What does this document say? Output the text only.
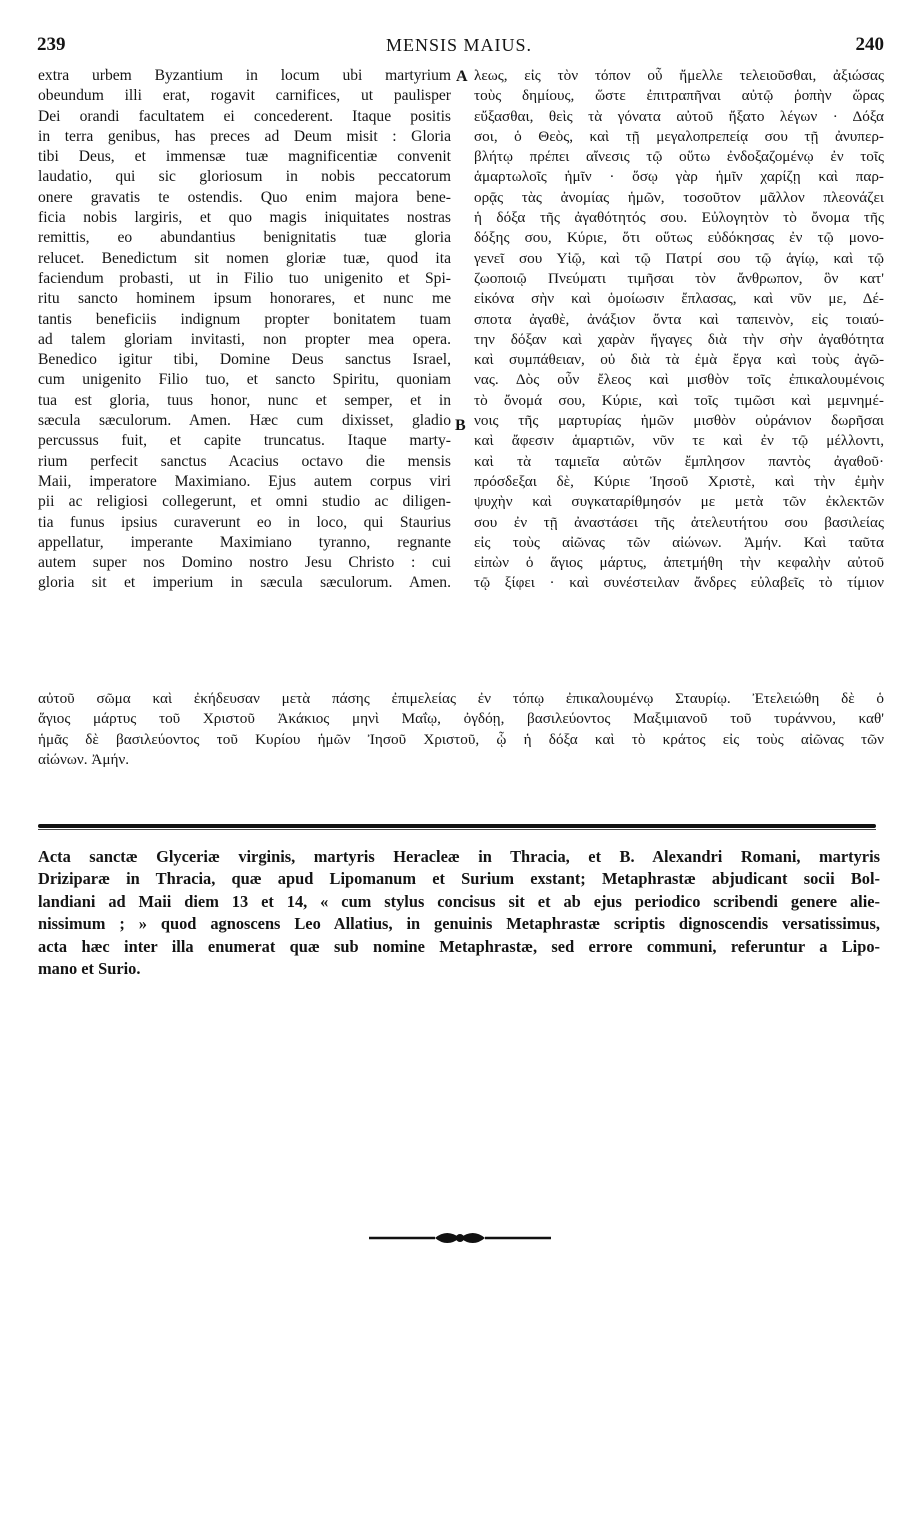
239	MENSIS MAIUS.	240
A
B
extra urbem Byzantium in locum ubi martyrium
obeundum illi erat, rogavit carnifices, ut paulisper
Dei orandi facultatem ei concederent. Itaque positis
in terra genibus, has preces ad Deum misit : Gloria
tibi Deus, et immensæ tuæ magnificentiæ convenit
laudatio, qui sic gloriosum in nobis peccatorum
onere gravatis te ostendis. Quo enim majora bene-
ficia nobis largiris, et quo magis iniquitates nostras
remittis, eo abundantius benignitatis tuæ gloria
relucet. Benedictum sit nomen gloriæ tuæ, quod ita
faciendum probasti, ut in Filio tuo unigenito et Spi-
ritu sancto hominem ipsum honorares, et nunc me
tantis beneficiis indignum propter bonitatem tuam
ad talem gloriam invitasti, non propter mea opera.
Benedico igitur tibi, Domine Deus sanctus Israel,
cum unigenito Filio tuo, et sancto Spiritu, quoniam
tua est gloria, tuus honor, nunc et semper, et in
sæcula sæculorum. Amen. Hæc cum dixisset, gladio
percussus fuit, et capite truncatus. Itaque marty-
rium perfecit sanctus Acacius octavo die mensis
Maii, imperatore Maximiano. Ejus autem corpus viri
pii ac religiosi collegerunt, et omni studio ac diligen-
tia funus ipsius curaverunt eo in loco, qui Staurius
appellatur, imperante Maximiano tyranno, regnante
autem super nos Domino nostro Jesu Christo : cui
gloria sit et imperium in sæcula sæculorum. Amen.
λεως, εἰς τὸν τόπον οὗ ἤμελλε τελειοῦσθαι, ἀξιώσας
τοὺς δημίους, ὥστε ἐπιτραπῆναι αὐτῷ ῥοπὴν ὥρας
εὔξασθαι, θεὶς τὰ γόνατα αὐτοῦ ἤξατο λέγων · Δόξα
σοι, ὁ Θεὸς, καὶ τῇ μεγαλοπρεπείᾳ σου τῇ ἀνυπερ-
βλήτῳ πρέπει αἴνεσις τῷ οὕτω ἐνδοξαζομένῳ ἐν τοῖς
ἁμαρτωλοῖς ἡμῖν · ὅσῳ γὰρ ἡμῖν χαρίζῃ καὶ παρ-
ορᾷς τὰς ἀνομίας ἡμῶν, τοσοῦτον μᾶλλον πλεονάζει
ἡ δόξα τῆς ἀγαθότητός σου. Εὐλογητὸν τὸ ὄνομα τῆς
δόξης σου, Κύριε, ὅτι οὕτως εὐδόκησας ἐν τῷ μονο-
γενεῖ σου Υἱῷ, καὶ τῷ Πατρί σου τῷ ἁγίῳ, καὶ τῷ
ζωοποιῷ Πνεύματι τιμῆσαι τὸν ἄνθρωπον, ὃν κατ'
εἰκόνα σὴν καὶ ὁμοίωσιν ἔπλασας, καὶ νῦν με, Δέ-
σποτα ἀγαθὲ, ἀνάξιον ὄντα καὶ ταπεινὸν, εἰς τοιαύ-
την δόξαν καὶ χαρὰν ἤγαγες διὰ τὴν σὴν ἀγαθότητα
καὶ συμπάθειαν, οὐ διὰ τὰ ἐμὰ ἔργα καὶ τοὺς ἀγῶ-
νας. Δὸς οὖν ἔλεος καὶ μισθὸν τοῖς ἐπικαλουμένοις
τὸ ὄνομά σου, Κύριε, καὶ τοῖς τιμῶσι καὶ μεμνημέ-
νοις τῆς μαρτυρίας ἡμῶν μισθὸν οὐράνιον δωρῆσαι
καὶ ἄφεσιν ἁμαρτιῶν, νῦν τε καὶ ἐν τῷ μέλλοντι,
καὶ τὰ ταμιεῖα αὐτῶν ἔμπλησον παντὸς ἀγαθοῦ·
πρόσδεξαι δὲ, Κύριε Ἰησοῦ Χριστὲ, καὶ τὴν ἐμὴν
ψυχὴν καὶ συγκαταρίθμησόν με μετὰ τῶν ἐκλεκτῶν
σου ἐν τῇ ἀναστάσει τῆς ἀτελευτήτου σου βασιλείας
εἰς τοὺς αἰῶνας τῶν αἰώνων. Ἀμήν. Καὶ ταῦτα
εἰπὼν ὁ ἅγιος μάρτυς, ἀπετμήθη τὴν κεφαλὴν αὐτοῦ
τῷ ξίφει · καὶ συνέστειλαν ἄνδρες εὐλαβεῖς τὸ τίμιον
αὐτοῦ σῶμα καὶ ἐκήδευσαν μετὰ πάσης ἐπιμελείας ἐν τόπῳ ἐπικαλουμένῳ Σταυρίῳ. Ἐτελειώθη δὲ ὁ
ἅγιος μάρτυς τοῦ Χριστοῦ Ἀκάκιος μηνὶ Μαΐῳ, ὀγδόῃ, βασιλεύοντος Μαξιμιανοῦ τοῦ τυράννου, καθ'
ἡμᾶς δὲ βασιλεύοντος τοῦ Κυρίου ἡμῶν Ἰησοῦ Χριστοῦ, ᾧ ἡ δόξα καὶ τὸ κράτος εἰς τοὺς αἰῶνας τῶν
αἰώνων. Ἀμήν.
Acta sanctæ Glyceriæ virginis, martyris Heracleæ in Thracia, et B. Alexandri Romani, martyris
Driziparæ in Thracia, quæ apud Lipomanum et Surium exstant; Metaphrastæ abjudicant socii Bol-
landiani ad Maii diem 13 et 14, « cum stylus concisus sit et ab ejus periodico scribendi genere alie-
nissimum ; » quod agnoscens Leo Allatius, in genuinis Metaphrastæ scriptis dignoscendis versatissimus,
acta hæc inter illa enumerat quæ sub nomine Metaphrastæ, sed errore communi, referuntur a Lipo-
mano et Surio.
